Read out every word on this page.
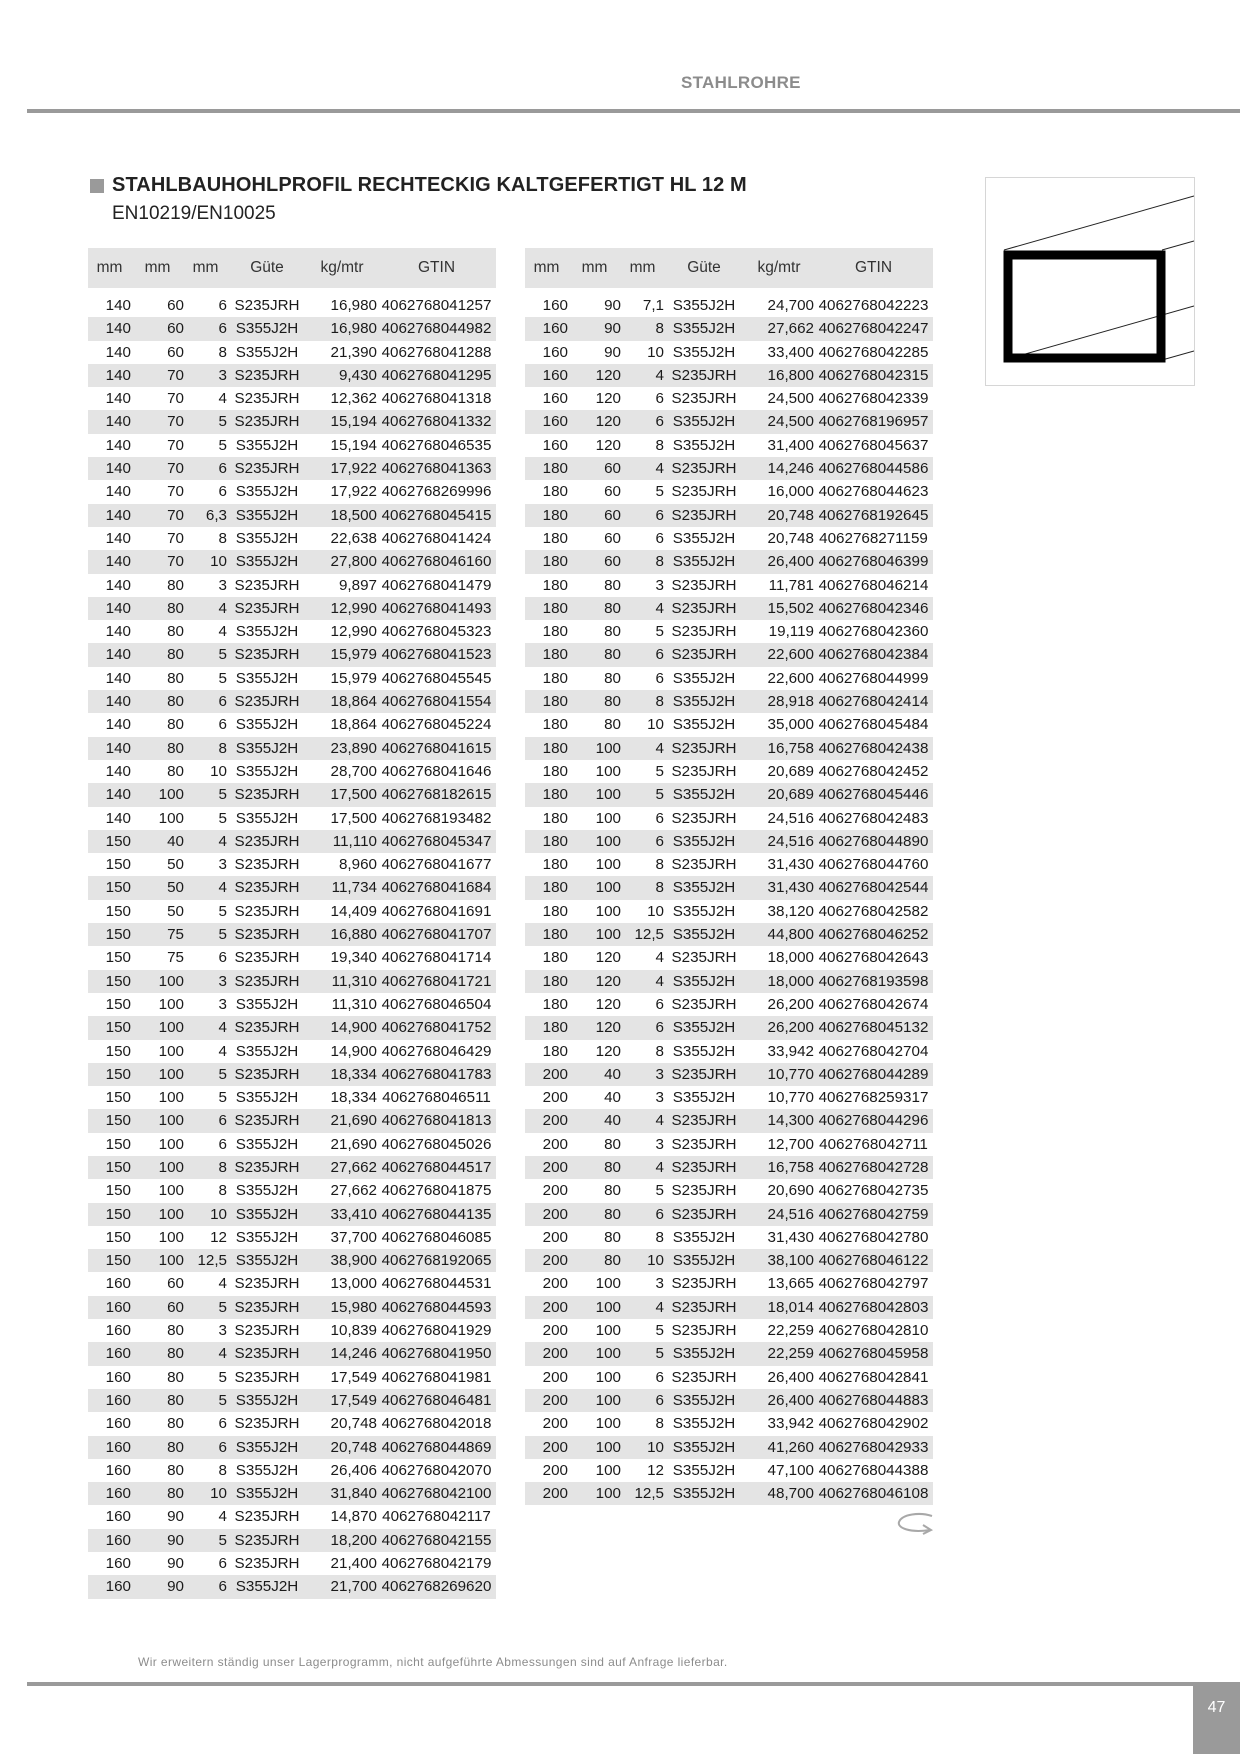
STAHLROHRE
STAHLBAUHOHLPROFIL RECHTECKIG KALTGEFERTIGT HL 12 M
EN10219/EN10025
mm	mm	mm	Güte	kg/mtr	GTIN
140	60	6	S235JRH	16,980	4062768041257
140	60	6	S355J2H	16,980	4062768044982
140	60	8	S355J2H	21,390	4062768041288
140	70	3	S235JRH	9,430	4062768041295
140	70	4	S235JRH	12,362	4062768041318
140	70	5	S235JRH	15,194	4062768041332
140	70	5	S355J2H	15,194	4062768046535
140	70	6	S235JRH	17,922	4062768041363
140	70	6	S355J2H	17,922	4062768269996
140	70	6,3	S355J2H	18,500	4062768045415
140	70	8	S355J2H	22,638	4062768041424
140	70	10	S355J2H	27,800	4062768046160
140	80	3	S235JRH	9,897	4062768041479
140	80	4	S235JRH	12,990	4062768041493
140	80	4	S355J2H	12,990	4062768045323
140	80	5	S235JRH	15,979	4062768041523
140	80	5	S355J2H	15,979	4062768045545
140	80	6	S235JRH	18,864	4062768041554
140	80	6	S355J2H	18,864	4062768045224
140	80	8	S355J2H	23,890	4062768041615
140	80	10	S355J2H	28,700	4062768041646
140	100	5	S235JRH	17,500	4062768182615
140	100	5	S355J2H	17,500	4062768193482
150	40	4	S235JRH	11,110	4062768045347
150	50	3	S235JRH	8,960	4062768041677
150	50	4	S235JRH	11,734	4062768041684
150	50	5	S235JRH	14,409	4062768041691
150	75	5	S235JRH	16,880	4062768041707
150	75	6	S235JRH	19,340	4062768041714
150	100	3	S235JRH	11,310	4062768041721
150	100	3	S355J2H	11,310	4062768046504
150	100	4	S235JRH	14,900	4062768041752
150	100	4	S355J2H	14,900	4062768046429
150	100	5	S235JRH	18,334	4062768041783
150	100	5	S355J2H	18,334	4062768046511
150	100	6	S235JRH	21,690	4062768041813
150	100	6	S355J2H	21,690	4062768045026
150	100	8	S235JRH	27,662	4062768044517
150	100	8	S355J2H	27,662	4062768041875
150	100	10	S355J2H	33,410	4062768044135
150	100	12	S355J2H	37,700	4062768046085
150	100	12,5	S355J2H	38,900	4062768192065
160	60	4	S235JRH	13,000	4062768044531
160	60	5	S235JRH	15,980	4062768044593
160	80	3	S235JRH	10,839	4062768041929
160	80	4	S235JRH	14,246	4062768041950
160	80	5	S235JRH	17,549	4062768041981
160	80	5	S355J2H	17,549	4062768046481
160	80	6	S235JRH	20,748	4062768042018
160	80	6	S355J2H	20,748	4062768044869
160	80	8	S355J2H	26,406	4062768042070
160	80	10	S355J2H	31,840	4062768042100
160	90	4	S235JRH	14,870	4062768042117
160	90	5	S235JRH	18,200	4062768042155
160	90	6	S235JRH	21,400	4062768042179
160	90	6	S355J2H	21,700	4062768269620
mm	mm	mm	Güte	kg/mtr	GTIN
160	90	7,1	S355J2H	24,700	4062768042223
160	90	8	S355J2H	27,662	4062768042247
160	90	10	S355J2H	33,400	4062768042285
160	120	4	S235JRH	16,800	4062768042315
160	120	6	S235JRH	24,500	4062768042339
160	120	6	S355J2H	24,500	4062768196957
160	120	8	S355J2H	31,400	4062768045637
180	60	4	S235JRH	14,246	4062768044586
180	60	5	S235JRH	16,000	4062768044623
180	60	6	S235JRH	20,748	4062768192645
180	60	6	S355J2H	20,748	4062768271159
180	60	8	S355J2H	26,400	4062768046399
180	80	3	S235JRH	11,781	4062768046214
180	80	4	S235JRH	15,502	4062768042346
180	80	5	S235JRH	19,119	4062768042360
180	80	6	S235JRH	22,600	4062768042384
180	80	6	S355J2H	22,600	4062768044999
180	80	8	S355J2H	28,918	4062768042414
180	80	10	S355J2H	35,000	4062768045484
180	100	4	S235JRH	16,758	4062768042438
180	100	5	S235JRH	20,689	4062768042452
180	100	5	S355J2H	20,689	4062768045446
180	100	6	S235JRH	24,516	4062768042483
180	100	6	S355J2H	24,516	4062768044890
180	100	8	S235JRH	31,430	4062768044760
180	100	8	S355J2H	31,430	4062768042544
180	100	10	S355J2H	38,120	4062768042582
180	100	12,5	S355J2H	44,800	4062768046252
180	120	4	S235JRH	18,000	4062768042643
180	120	4	S355J2H	18,000	4062768193598
180	120	6	S235JRH	26,200	4062768042674
180	120	6	S355J2H	26,200	4062768045132
180	120	8	S355J2H	33,942	4062768042704
200	40	3	S235JRH	10,770	4062768044289
200	40	3	S355J2H	10,770	4062768259317
200	40	4	S235JRH	14,300	4062768044296
200	80	3	S235JRH	12,700	4062768042711
200	80	4	S235JRH	16,758	4062768042728
200	80	5	S235JRH	20,690	4062768042735
200	80	6	S235JRH	24,516	4062768042759
200	80	8	S355J2H	31,430	4062768042780
200	80	10	S355J2H	38,100	4062768046122
200	100	3	S235JRH	13,665	4062768042797
200	100	4	S235JRH	18,014	4062768042803
200	100	5	S235JRH	22,259	4062768042810
200	100	5	S355J2H	22,259	4062768045958
200	100	6	S235JRH	26,400	4062768042841
200	100	6	S355J2H	26,400	4062768044883
200	100	8	S355J2H	33,942	4062768042902
200	100	10	S355J2H	41,260	4062768042933
200	100	12	S355J2H	47,100	4062768044388
200	100	12,5	S355J2H	48,700	4062768046108
Wir erweitern ständig unser Lagerprogramm, nicht aufgeführte Abmessungen sind auf Anfrage lieferbar.
47
